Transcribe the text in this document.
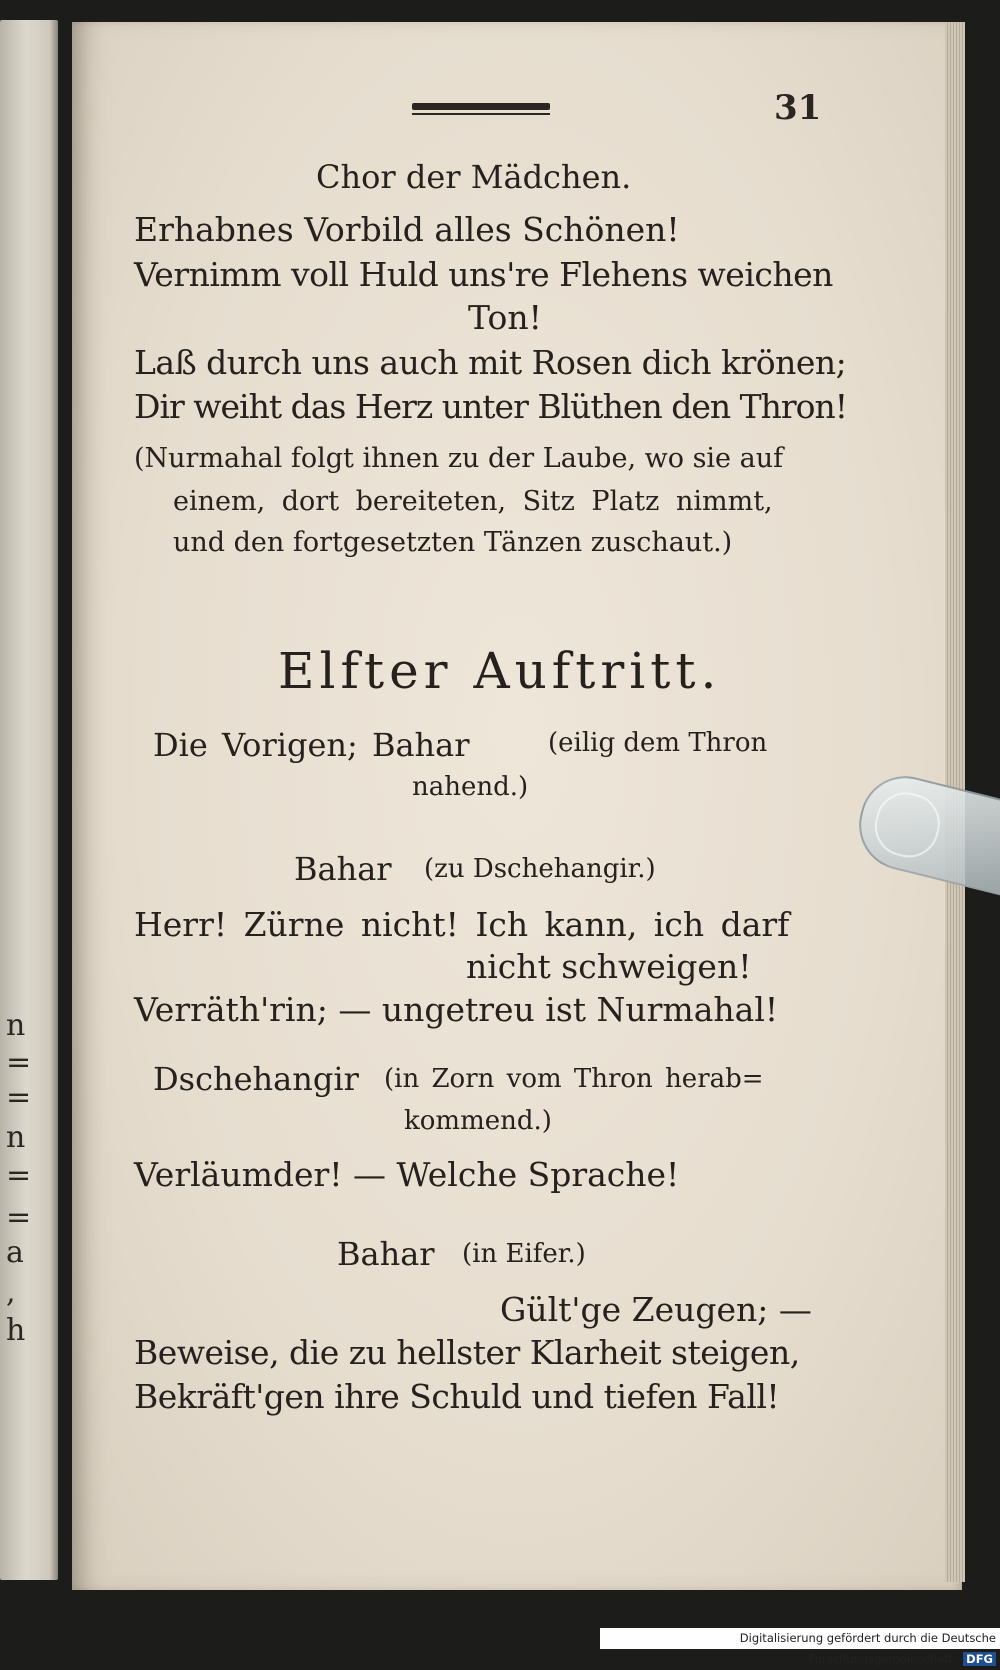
n
=
=
n
=
=
a
,
h
31
Chor der Mädchen.
Erhabnes Vorbild alles Schönen!
Vernimm voll Huld uns're Flehens weichen
Ton!
Laß durch uns auch mit Rosen dich krönen;
Dir weiht das Herz unter Blüthen den Thron!
(Nurmahal folgt ihnen zu der Laube, wo sie auf
einem, dort bereiteten, Sitz Platz nimmt,
und den fortgesetzten Tänzen zuschaut.)
Elfter Auftritt.
Die Vorigen; Bahar	(eilig dem Thron
nahend.)
Bahar (zu Dschehangir.)
Herr! Zürne nicht! Ich kann, ich darf
nicht schweigen!
Verräth'rin; — ungetreu ist Nurmahal!
Dschehangir (in Zorn vom Thron herab=
kommend.)
Verläumder! — Welche Sprache!
Bahar (in Eifer.)
Gült'ge Zeugen; —
Beweise, die zu hellster Klarheit steigen,
Bekräft'gen ihre Schuld und tiefen Fall!
Digitalisierung gefördert durch die Deutsche Forschungsgemeinschaft - DFG
